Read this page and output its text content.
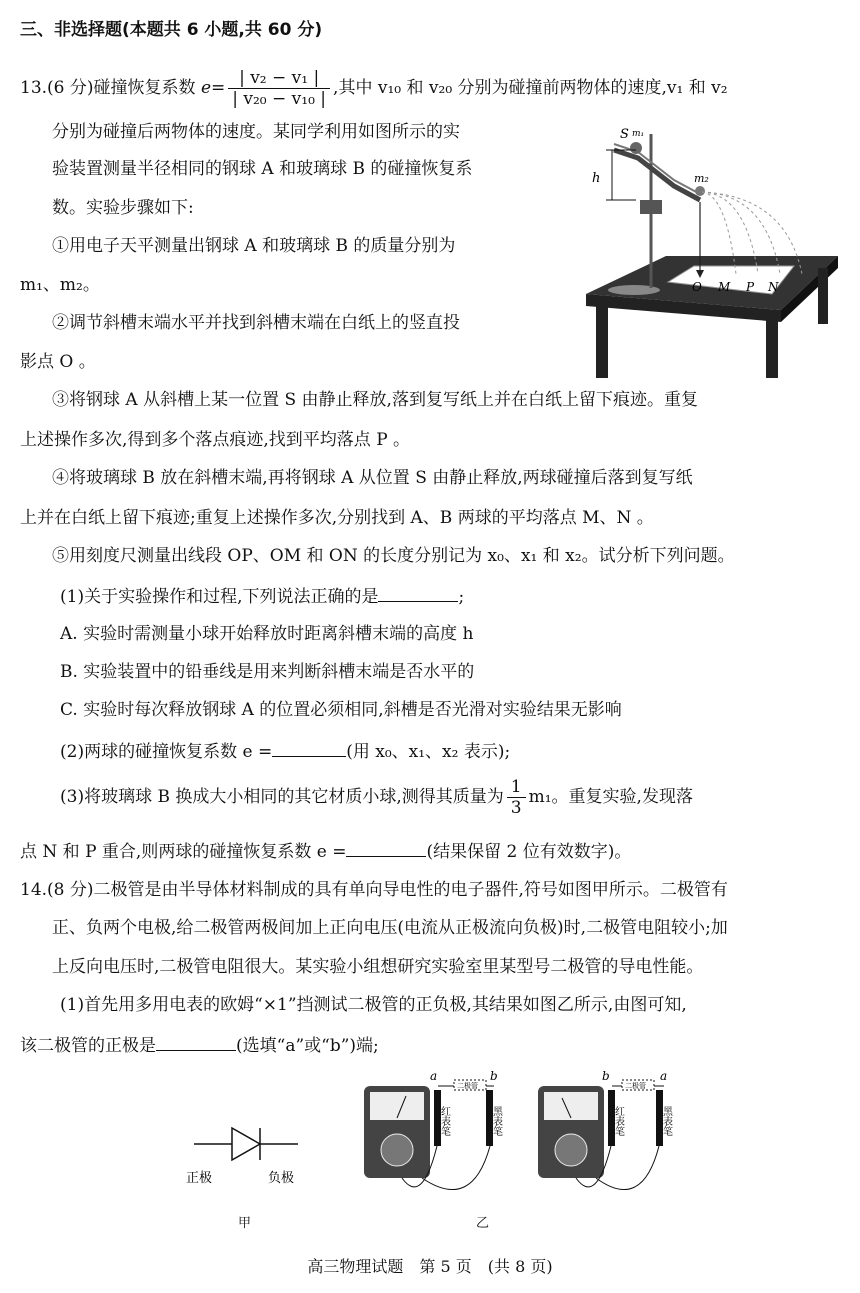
三、非选择题(本题共 6 小题,共 60 分)
13.(6 分)碰撞恢复系数 $e= \frac{\text{| v₂ − v₁ |}}{\text{| v₂₀ − v₁₀ |}}$ ,其中 v₁₀ 和 v₂₀ 分别为碰撞前两物体的速度,v₁ 和 v₂
分别为碰撞后两物体的速度。某同学利用如图所示的实
验装置测量半径相同的钢球 A 和玻璃球 B 的碰撞恢复系
数。实验步骤如下:
①用电子天平测量出钢球 A 和玻璃球 B 的质量分别为
m₁、m₂。
②调节斜槽末端水平并找到斜槽末端在白纸上的竖直投
影点 O 。
③将钢球 A 从斜槽上某一位置 S 由静止释放,落到复写纸上并在白纸上留下痕迹。重复
上述操作多次,得到多个落点痕迹,找到平均落点 P 。
④将玻璃球 B 放在斜槽末端,再将钢球 A 从位置 S 由静止释放,两球碰撞后落到复写纸
上并在白纸上留下痕迹;重复上述操作多次,分别找到 A、B 两球的平均落点 M、N 。
⑤用刻度尺测量出线段 OP、OM 和 ON 的长度分别记为 x₀、x₁ 和 x₂。试分析下列问题。
(1)关于实验操作和过程,下列说法正确的是	;
A. 实验时需测量小球开始释放时距离斜槽末端的高度 h
B. 实验装置中的铅垂线是用来判断斜槽末端是否水平的
C. 实验时每次释放钢球 A 的位置必须相同,斜槽是否光滑对实验结果无影响
(2)两球的碰撞恢复系数 e =	(用 x₀、x₁、x₂ 表示);
(3)将玻璃球 B 换成大小相同的其它材质小球,测得其质量为 $\frac{1}{3} m_1$。重复实验,发现落
点 N 和 P 重合,则两球的碰撞恢复系数 e =	(结果保留 2 位有效数字)。
h
S m₁
m₂
O M P N
14.(8 分)二极管是由半导体材料制成的具有单向导电性的电子器件,符号如图甲所示。二极管有
正、负两个电极,给二极管两极间加上正向电压(电流从正极流向负极)时,二极管电阻较小;加
上反向电压时,二极管电阻很大。某实验小组想研究实验室里某型号二极管的导电性能。
(1)首先用多用电表的欧姆“×1”挡测试二极管的正负极,其结果如图乙所示,由图可知,
该二极管的正极是	(选填“a”或“b”)端;
正极	负极
甲
二极管
a	b
红表笔	黑表笔
二极管
b	a
红表笔	黑表笔
乙
高三物理试题　第 5 页　(共 8 页)
